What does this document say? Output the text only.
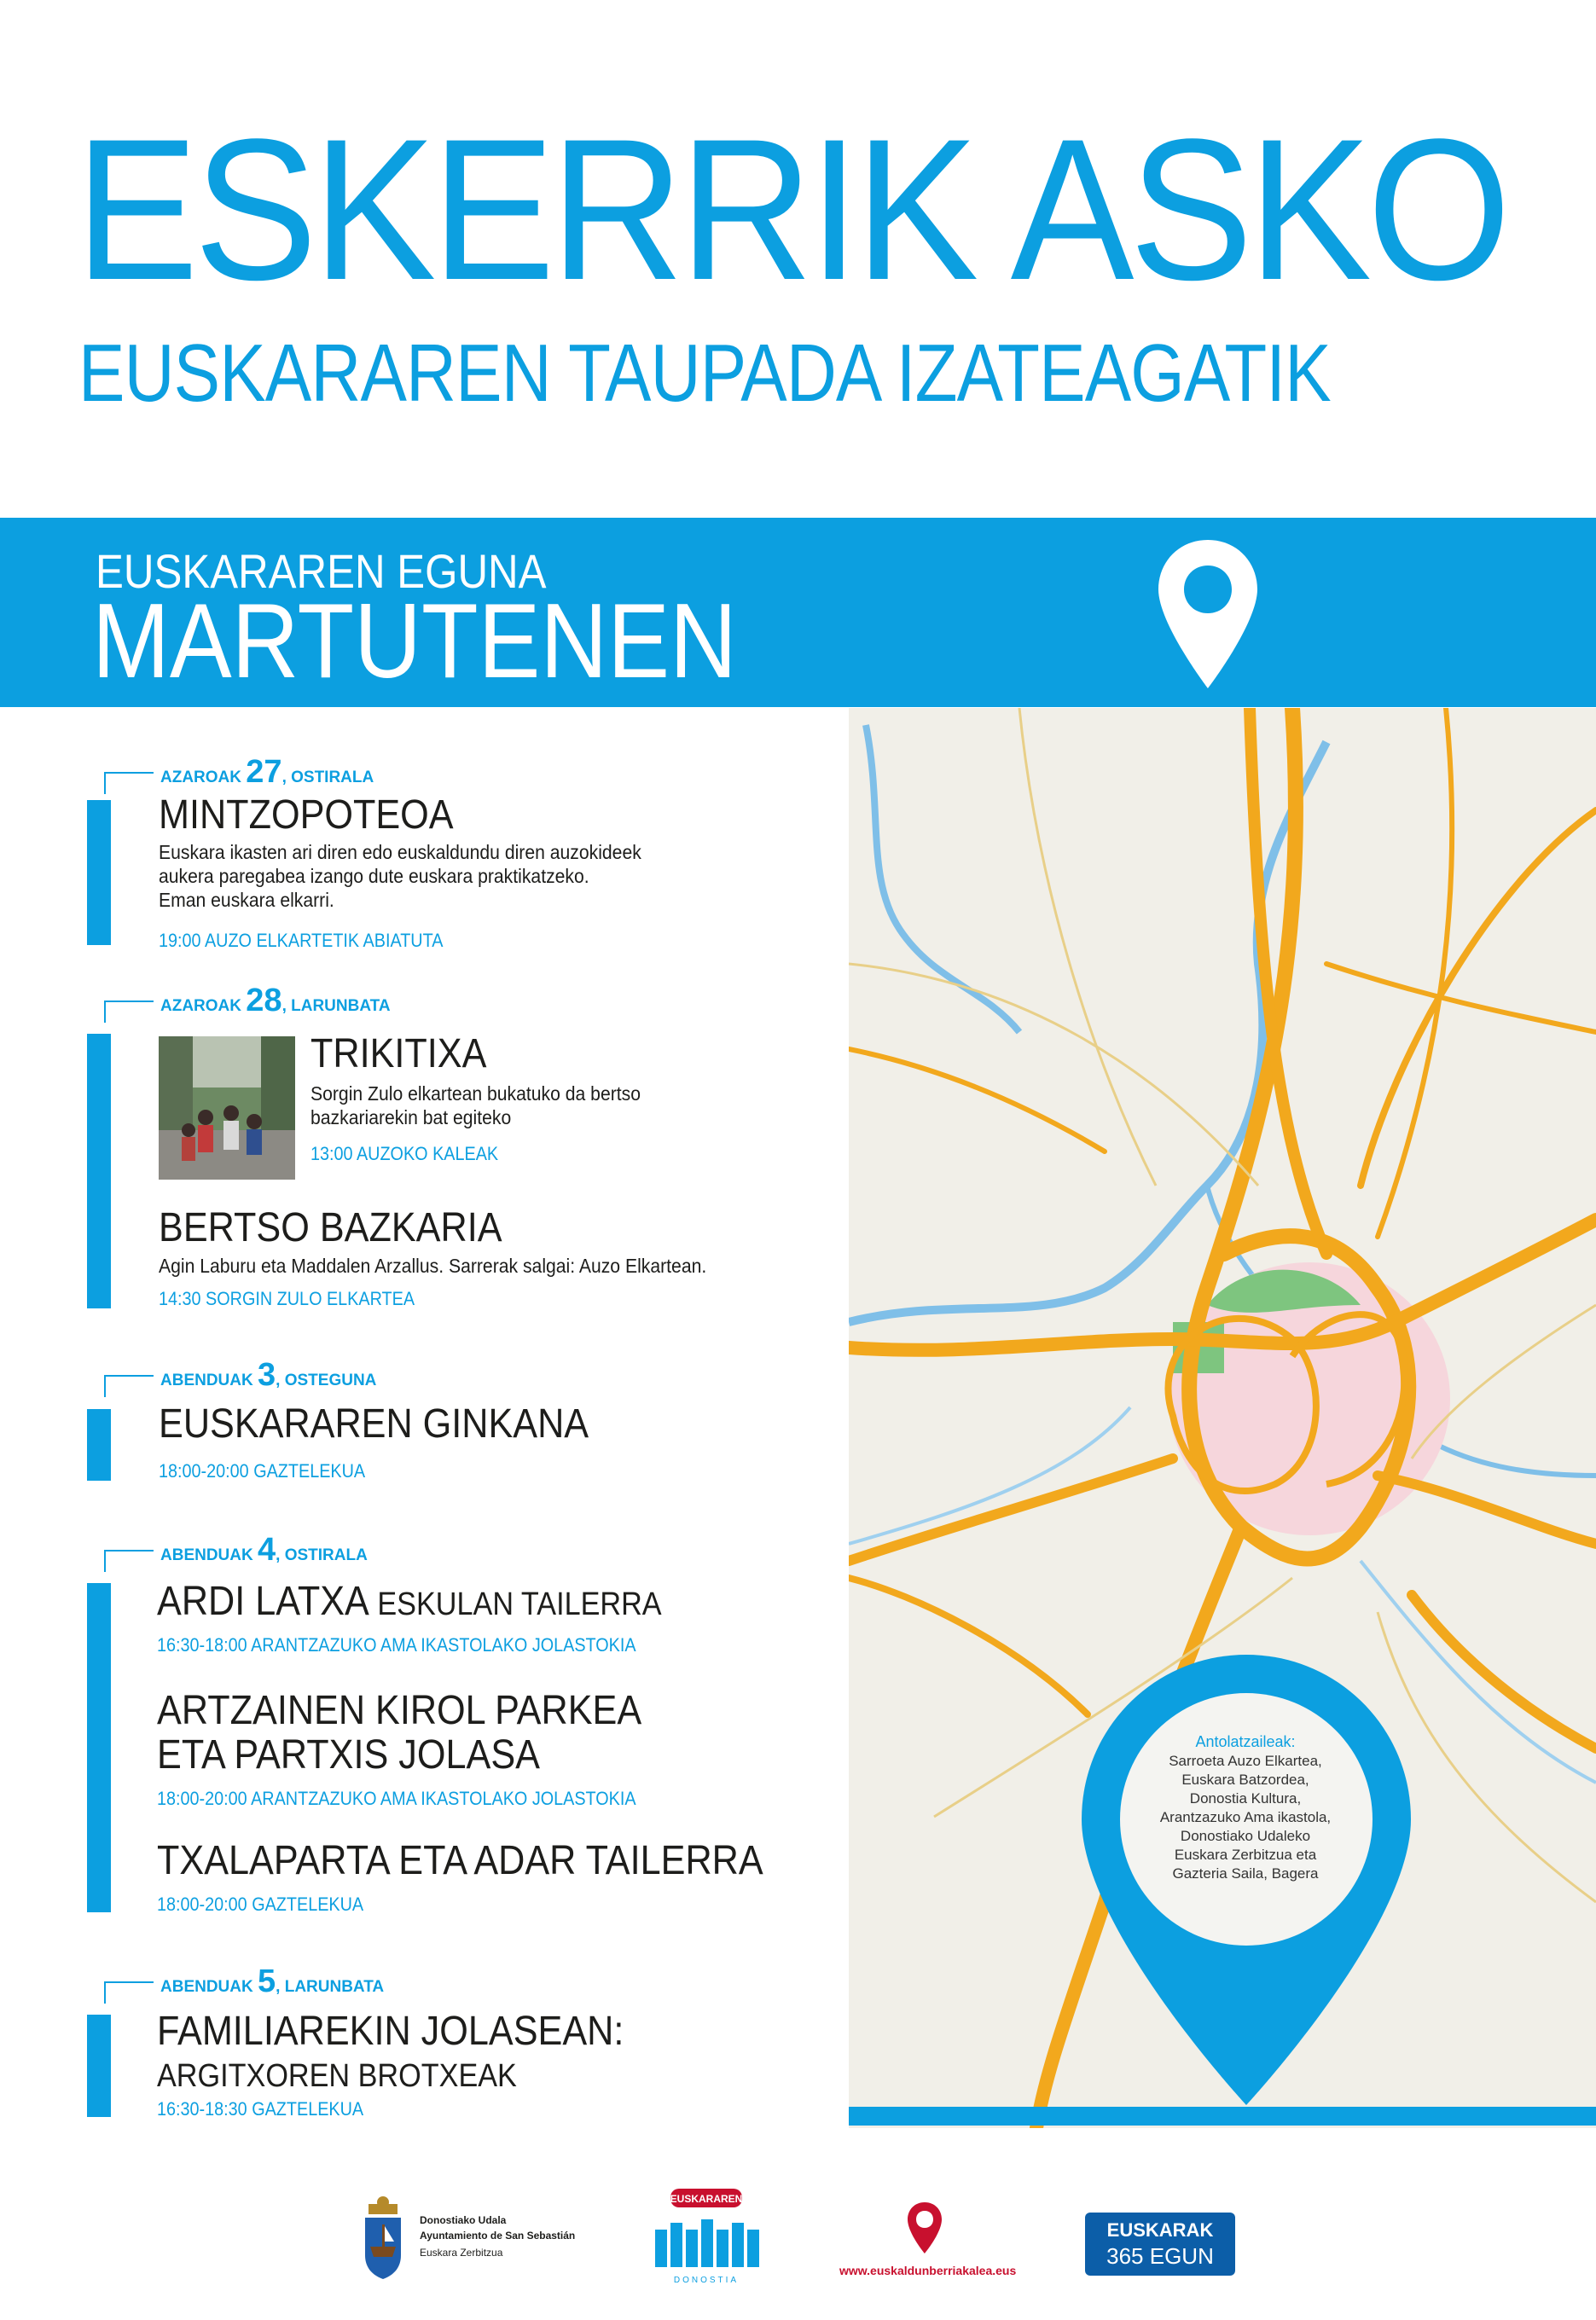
ESKERRIK ASKO
EUSKARAREN TAUPADA IZATEAGATIK
EUSKARAREN EGUNA
MARTUTENEN
AZAROAK 27, OSTIRALA
MINTZOPOTEOA
Euskara ikasten ari diren edo euskaldundu diren auzokideek
aukera paregabea izango dute euskara praktikatzeko.
Eman euskara elkarri.
19:00 AUZO ELKARTETIK ABIATUTA
AZAROAK 28, LARUNBATA
TRIKITIXA
Sorgin Zulo elkartean bukatuko da bertso
bazkariarekin bat egiteko
13:00 AUZOKO KALEAK
BERTSO BAZKARIA
Agin Laburu eta Maddalen Arzallus. Sarrerak salgai: Auzo Elkartean.
14:30 SORGIN ZULO ELKARTEA
ABENDUAK 3, OSTEGUNA
EUSKARAREN GINKANA
18:00-20:00 GAZTELEKUA
ABENDUAK 4, OSTIRALA
ARDI LATXA ESKULAN TAILERRA
16:30-18:00 ARANTZAZUKO AMA IKASTOLAKO JOLASTOKIA
ARTZAINEN KIROL PARKEA
ETA PARTXIS JOLASA
18:00-20:00 ARANTZAZUKO AMA IKASTOLAKO JOLASTOKIA
TXALAPARTA ETA ADAR TAILERRA
18:00-20:00 GAZTELEKUA
ABENDUAK 5, LARUNBATA
FAMILIAREKIN JOLASEAN:
ARGITXOREN BROTXEAK
16:30-18:30 GAZTELEKUA
Antolatzaileak:
Sarroeta Auzo Elkartea,
Euskara Batzordea,
Donostia Kultura,
Arantzazuko Ama ikastola,
Donostiako Udaleko
Euskara Zerbitzua eta
Gazteria Saila, Bagera
Donostiako Udala
Ayuntamiento de San Sebastián
Euskara Zerbitzua
EUSKARAREN
DONOSTIA
www.euskaldunberriakalea.eus
EUSKARAK
365 EGUN
